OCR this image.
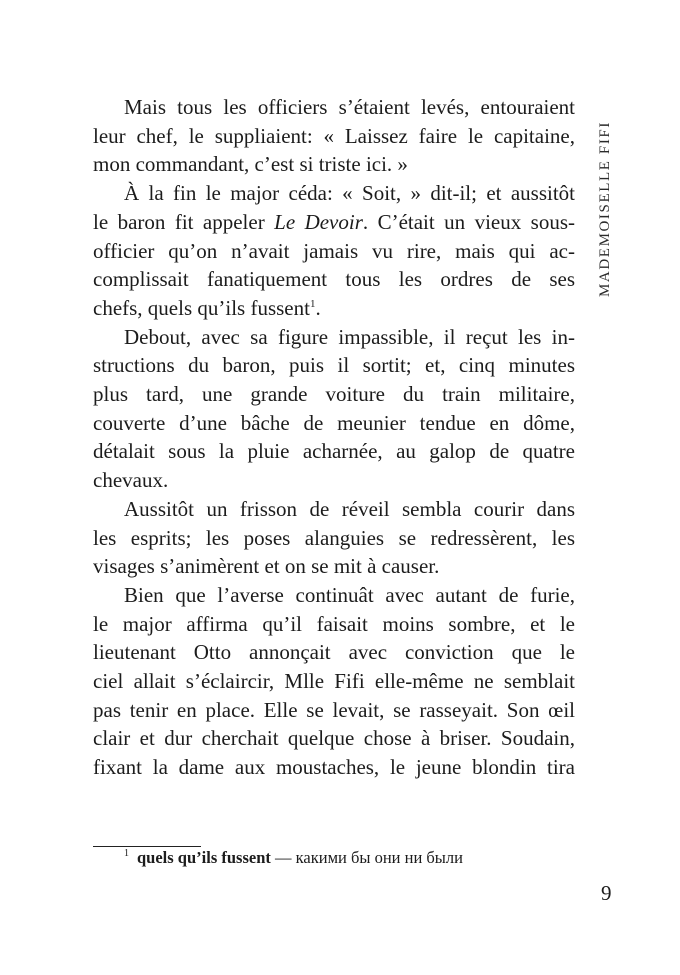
MADEMOISELLE FIFI
Mais tous les officiers s’étaient levés, entouraient
leur chef, le suppliaient: « Laissez faire le capitaine,
mon commandant, c’est si triste ici. »
À la fin le major céda: « Soit, » dit-il; et aussitôt
le baron fit appeler Le Devoir. C’était un vieux sous-
officier qu’on n’avait jamais vu rire, mais qui ac-
complissait fanatiquement tous les ordres de ses
chefs, quels qu’ils fussent$^1$.
Debout, avec sa figure impassible, il reçut les in-
structions du baron, puis il sortit; et, cinq minutes
plus tard, une grande voiture du train militaire,
couverte d’une bâche de meunier tendue en dôme,
détalait sous la pluie acharnée, au galop de quatre
chevaux.
Aussitôt un frisson de réveil sembla courir dans
les esprits; les poses alanguies se redressèrent, les
visages s’animèrent et on se mit à causer.
Bien que l’averse continuât avec autant de furie,
le major affirma qu’il faisait moins sombre, et le
lieutenant Otto annonçait avec conviction que le
ciel allait s’éclaircir, Mlle Fifi elle-même ne semblait
pas tenir en place. Elle se levait, se rasseyait. Son œil
clair et dur cherchait quelque chose à briser. Soudain,
fixant la dame aux moustaches, le jeune blondin tira
$^1$ quels qu’ils fussent — какими бы они ни были
9
